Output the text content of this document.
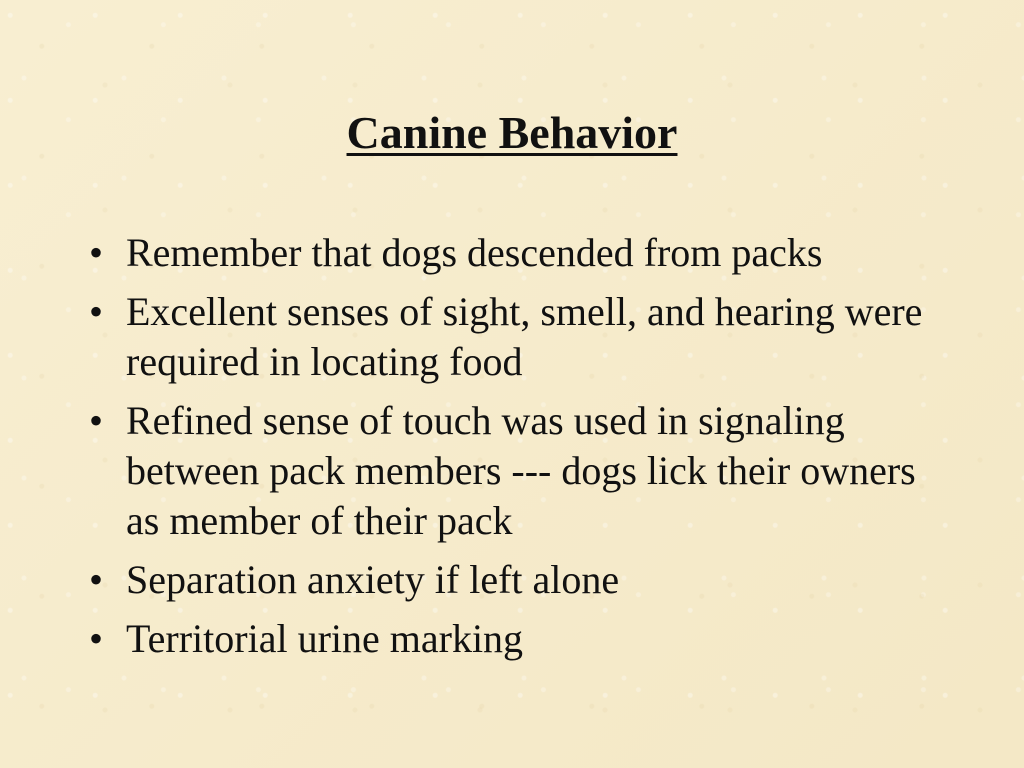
Canine Behavior
• Remember that dogs descended from packs
• Excellent senses of sight, smell, and hearing were required in locating food
• Refined sense of touch was used in signaling between pack members --- dogs lick their owners as member of their pack
• Separation anxiety if left alone
• Territorial urine marking
